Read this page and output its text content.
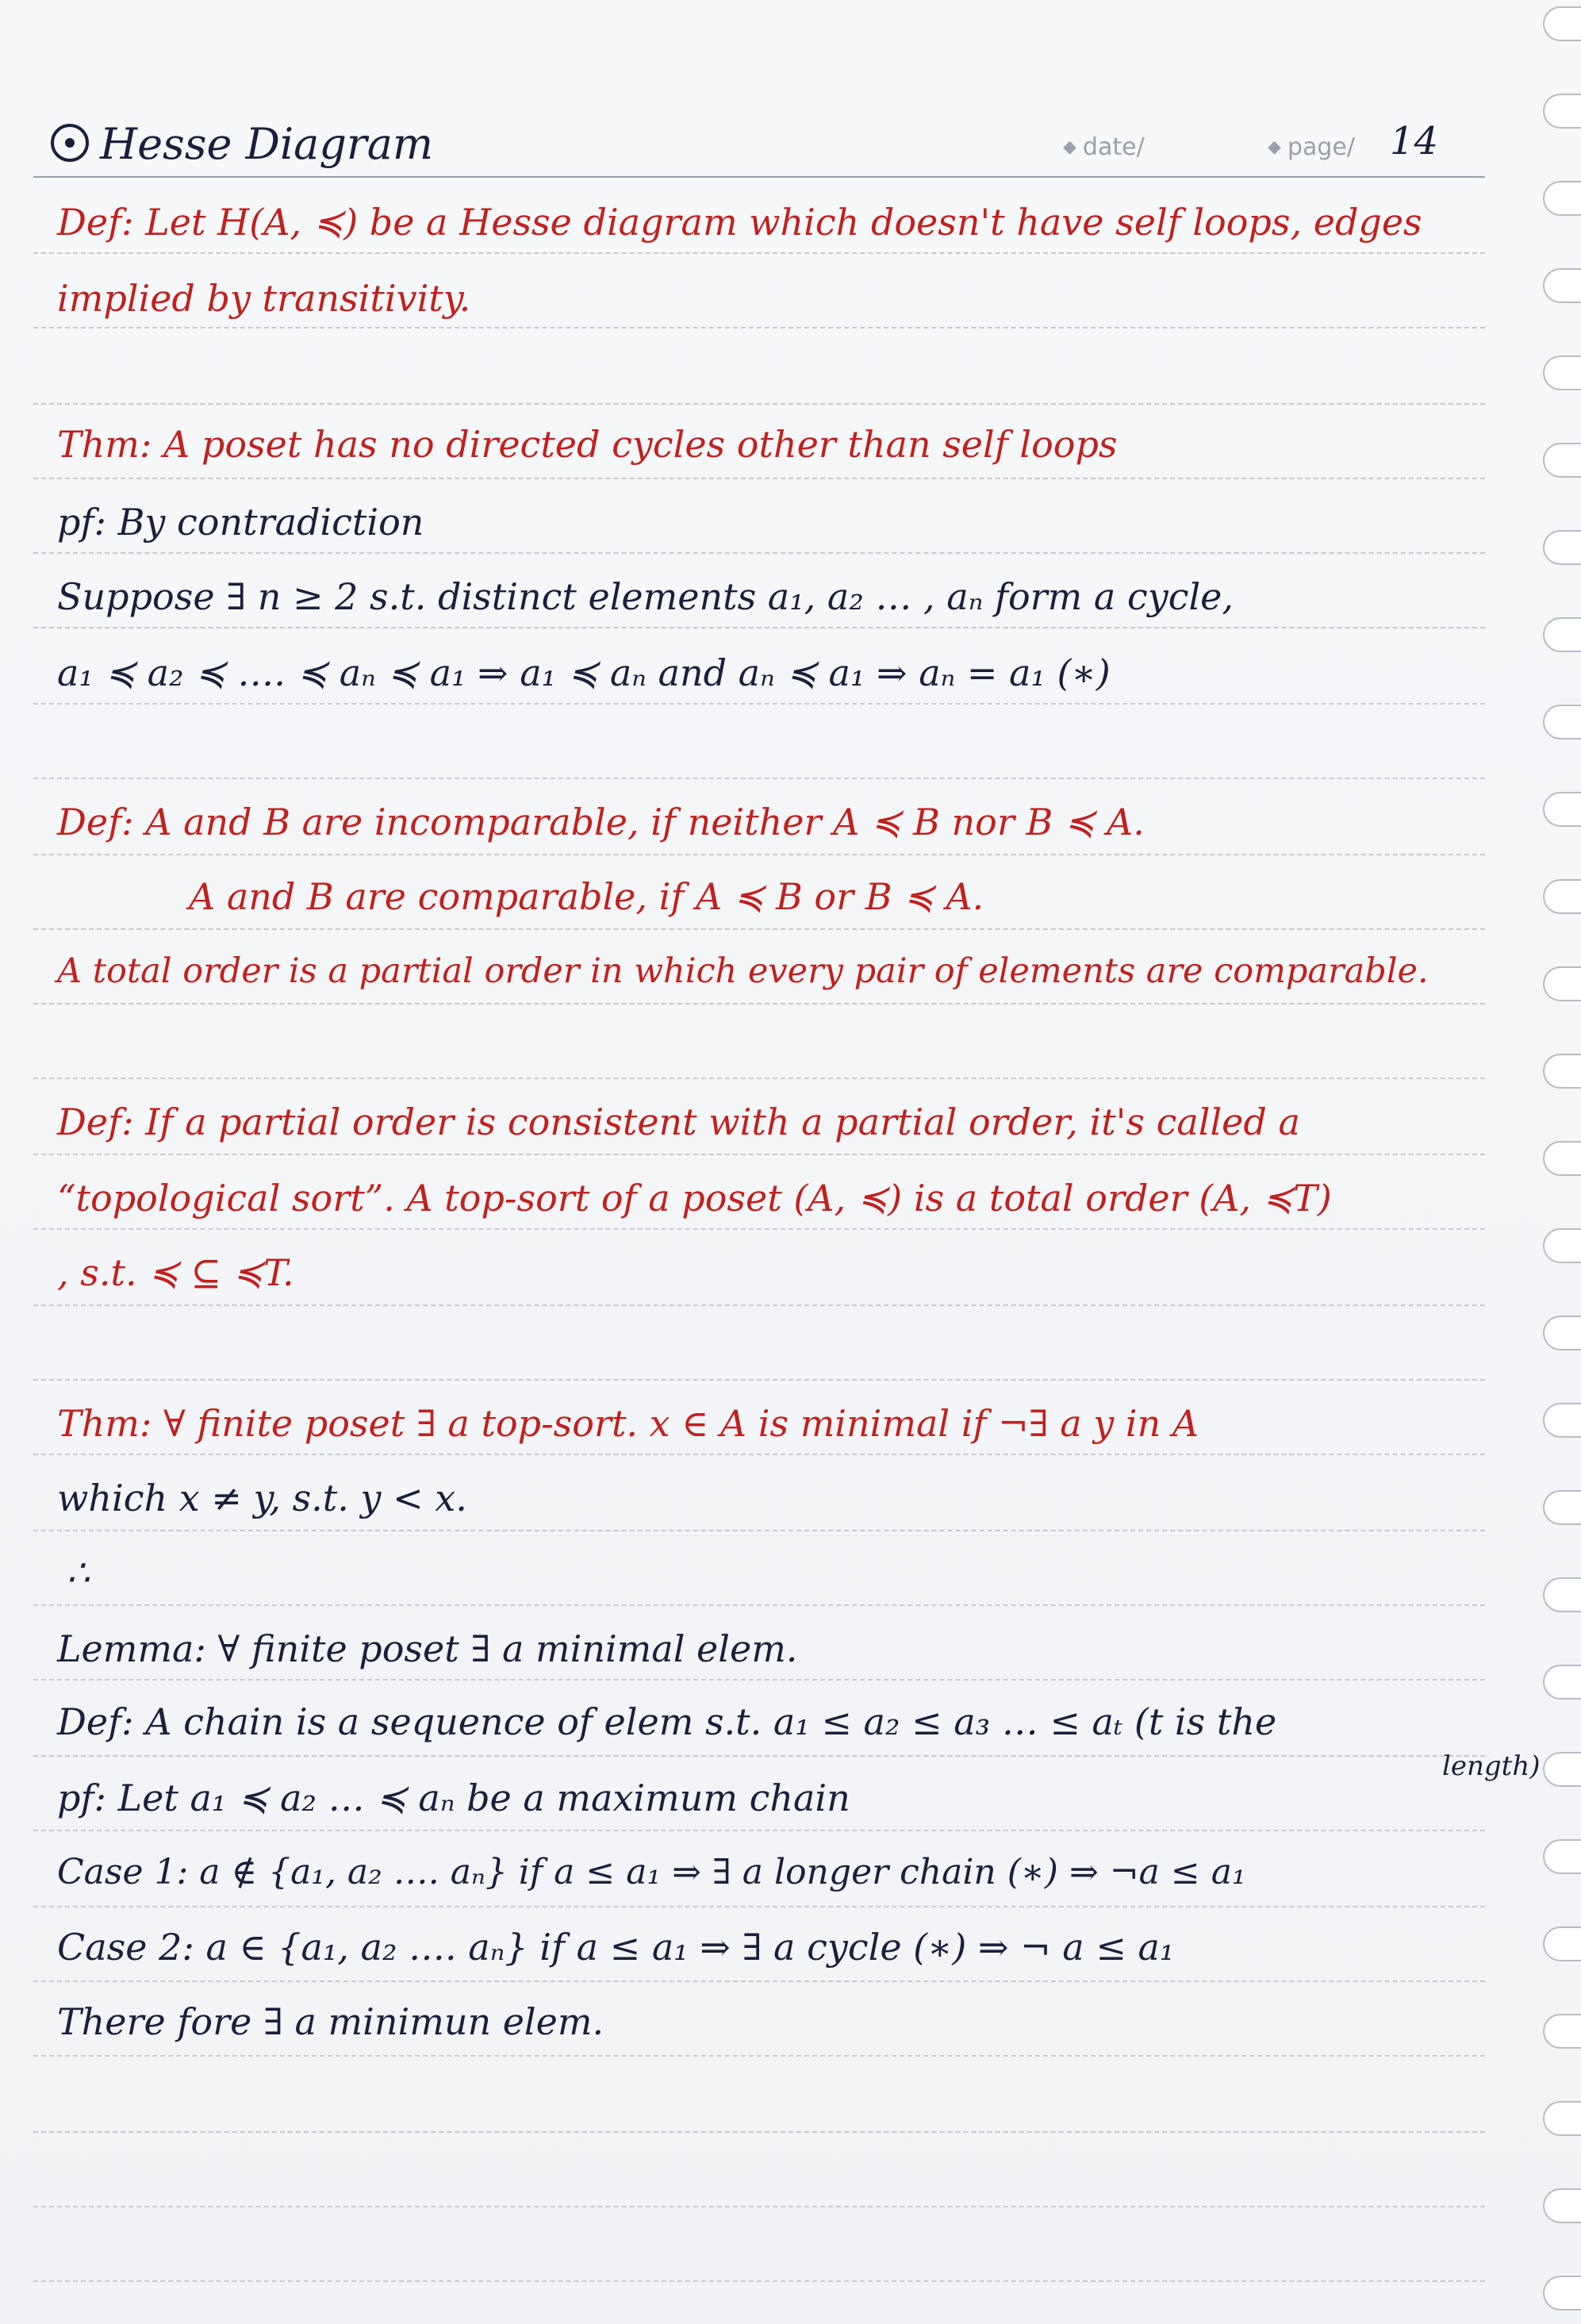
Hesse Diagram	◆ date/	◆ page/ 14
Def: Let H(A, ≼) be a Hesse diagram which doesn't have self loops, edges
implied by transitivity.
Thm: A poset has no directed cycles other than self loops
pf: By contradiction
Suppose ∃ n ≥ 2 s.t. distinct elements a₁, a₂ … , aₙ form a cycle,
a₁ ≼ a₂ ≼ …. ≼ aₙ ≼ a₁ ⇒ a₁ ≼ aₙ and aₙ ≼ a₁ ⇒ aₙ = a₁ (∗)
Def: A and B are incomparable, if neither A ≼ B nor B ≼ A.
A and B are comparable, if A ≼ B or B ≼ A.
A total order is a partial order in which every pair of elements are comparable.
Def: If a partial order is consistent with a partial order, it's called a
“topological sort”. A top-sort of a poset (A, ≼) is a total order (A, ≼T)
, s.t. ≼ ⊆ ≼T.
Thm: ∀ finite poset ∃ a top-sort. x ∈ A is minimal if ¬∃ a y in A
which x ≠ y, s.t. y < x.
∴
Lemma: ∀ finite poset ∃ a minimal elem.
Def: A chain is a sequence of elem s.t. a₁ ≤ a₂ ≤ a₃ … ≤ aₜ (t is the
length)
pf: Let a₁ ≼ a₂ … ≼ aₙ be a maximum chain
Case 1: a ∉ {a₁, a₂ …. aₙ} if a ≤ a₁ ⇒ ∃ a longer chain (∗) ⇒ ¬a ≤ a₁
Case 2: a ∈ {a₁, a₂ …. aₙ} if a ≤ a₁ ⇒ ∃ a cycle (∗) ⇒ ¬ a ≤ a₁
There fore ∃ a minimun elem.
